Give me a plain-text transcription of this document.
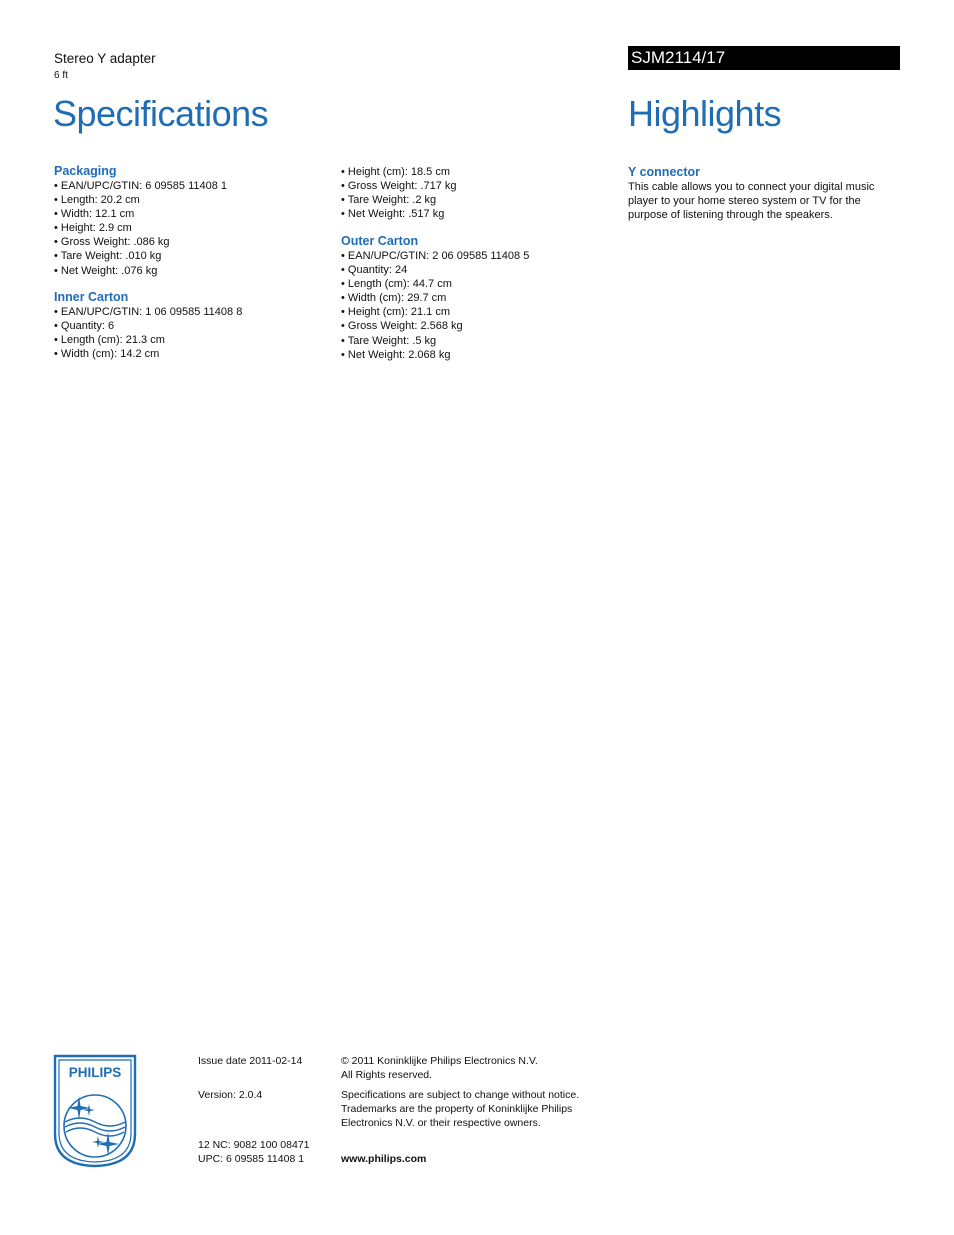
Stereo Y adapter
6 ft
SJM2114/17
Specifications	Highlights
Packaging
• EAN/UPC/GTIN: 6 09585 11408 1
• Length: 20.2 cm
• Width: 12.1 cm
• Height: 2.9 cm
• Gross Weight: .086 kg
• Tare Weight: .010 kg
• Net Weight: .076 kg
Inner Carton
• EAN/UPC/GTIN: 1 06 09585 11408 8
• Quantity: 6
• Length (cm): 21.3 cm
• Width (cm): 14.2 cm
• Height (cm): 18.5 cm
• Gross Weight: .717 kg
• Tare Weight: .2 kg
• Net Weight: .517 kg
Outer Carton
• EAN/UPC/GTIN: 2 06 09585 11408 5
• Quantity: 24
• Length (cm): 44.7 cm
• Width (cm): 29.7 cm
• Height (cm): 21.1 cm
• Gross Weight: 2.568 kg
• Tare Weight: .5 kg
• Net Weight: 2.068 kg
Y connector

This cable allows you to connect your digital music player to your home stereo system or TV for the purpose of listening through the speakers.

PHILIPS
Issue date 2011-02-14
Version: 2.0.4
12 NC: 9082 100 08471
UPC: 6 09585 11408 1
© 2011 Koninklijke Philips Electronics N.V.
All Rights reserved.
Specifications are subject to change without notice.
Trademarks are the property of Koninklijke Philips
Electronics N.V. or their respective owners.
www.philips.com
